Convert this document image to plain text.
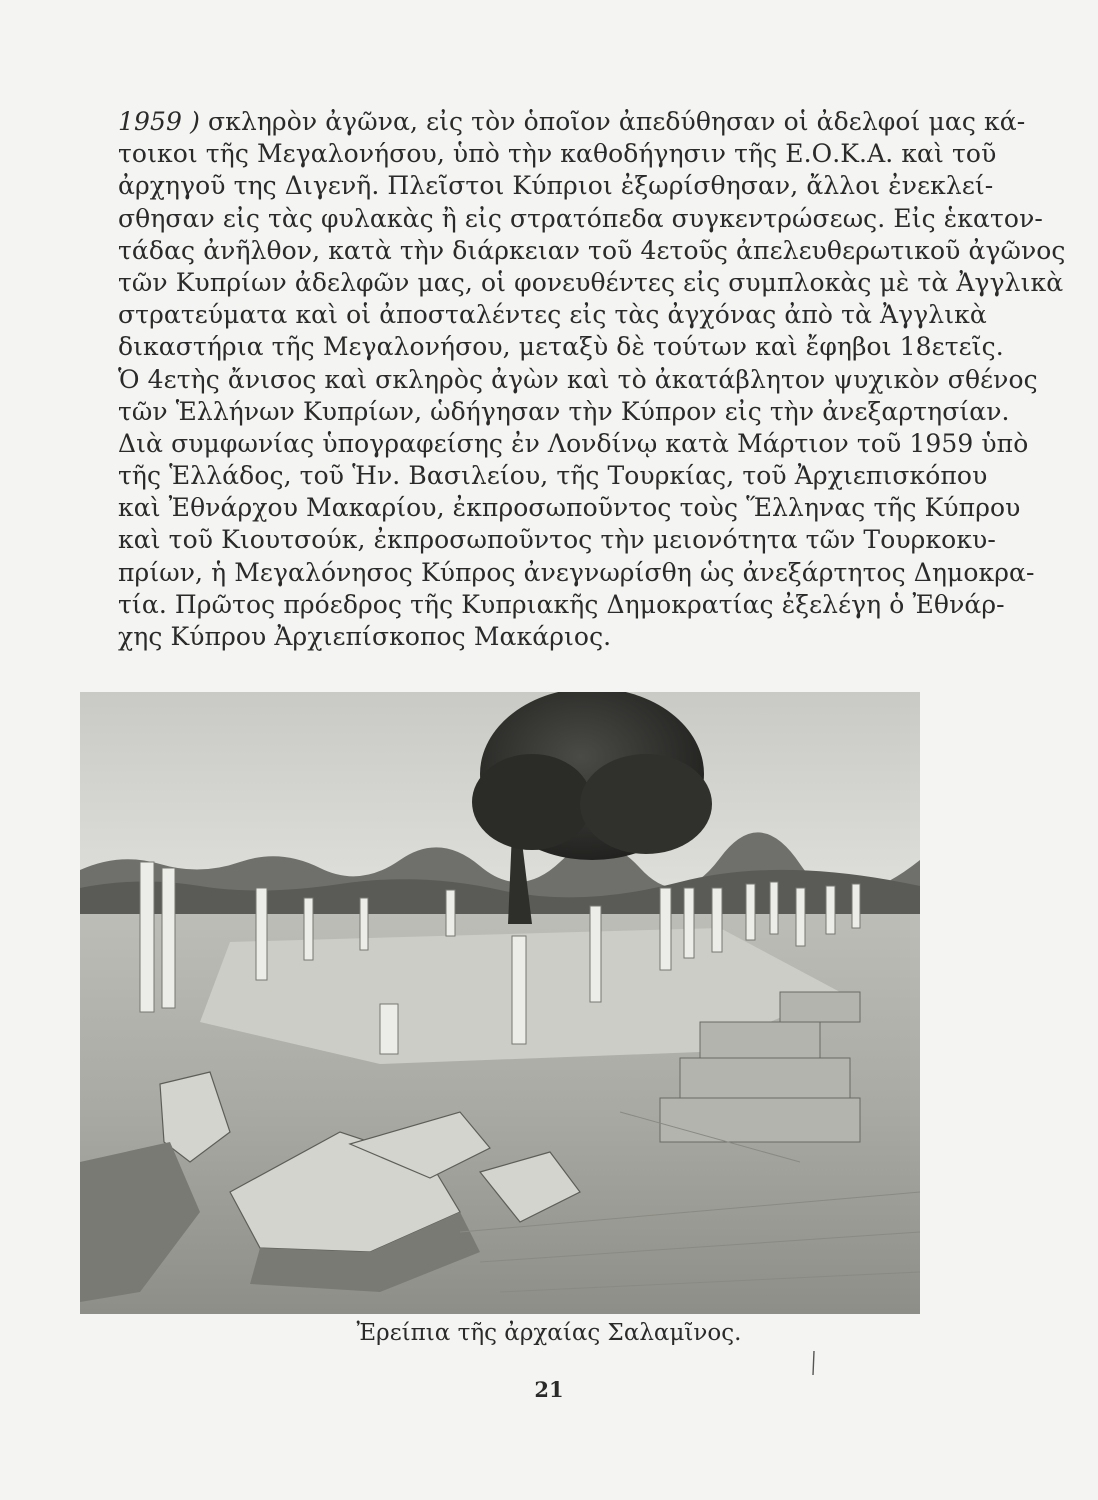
1959 ) σκληρὸν ἀγῶνα, εἰς τὸν ὁποῖον ἀπεδύθησαν οἱ ἀδελφοί μας κά-
τοικοι τῆς Μεγαλονήσου, ὑπὸ τὴν καθοδήγησιν τῆς Ε.Ο.Κ.Α. καὶ τοῦ
ἀρχηγοῦ της Διγενῆ. Πλεῖστοι Κύπριοι ἐξωρίσθησαν, ἄλλοι ἐνεκλεί-
σθησαν εἰς τὰς φυλακὰς ἢ εἰς στρατόπεδα συγκεντρώσεως. Εἰς ἑκατον-
τάδας ἀνῆλθον, κατὰ τὴν διάρκειαν τοῦ 4ετοῦς ἀπελευθερωτικοῦ ἀγῶνος
τῶν Κυπρίων ἀδελφῶν μας, οἱ φονευθέντες εἰς συμπλοκὰς μὲ τὰ Ἀγγλικὰ
στρατεύματα καὶ οἱ ἀποσταλέντες εἰς τὰς ἀγχόνας ἀπὸ τὰ Ἀγγλικὰ
δικαστήρια τῆς Μεγαλονήσου, μεταξὺ δὲ τούτων καὶ ἔφηβοι 18ετεῖς.
Ὁ 4ετὴς ἄνισος καὶ σκληρὸς ἀγὼν καὶ τὸ ἀκατάβλητον ψυχικὸν σθένος
τῶν Ἑλλήνων Κυπρίων, ὡδήγησαν τὴν Κύπρον εἰς τὴν ἀνεξαρτησίαν.
Διὰ συμφωνίας ὑπογραφείσης ἐν Λονδίνῳ κατὰ Μάρτιον τοῦ 1959 ὑπὸ
τῆς Ἑλλάδος, τοῦ Ἡν. Βασιλείου, τῆς Τουρκίας, τοῦ Ἀρχιεπισκόπου
καὶ Ἐθνάρχου Μακαρίου, ἐκπροσωποῦντος τοὺς Ἕλληνας τῆς Κύπρου
καὶ τοῦ Κιουτσούκ, ἐκπροσωποῦντος τὴν μειονότητα τῶν Τουρκοκυ-
πρίων, ἡ Μεγαλόνησος Κύπρος ἀνεγνωρίσθη ὡς ἀνεξάρτητος Δημοκρα-
τία. Πρῶτος πρόεδρος τῆς Κυπριακῆς Δημοκρατίας ἐξελέγη ὁ Ἐθνάρ-
χης Κύπρου Ἀρχιεπίσκοπος Μακάριος.
Ἐρείπια τῆς ἀρχαίας Σαλαμῖνος.
21
